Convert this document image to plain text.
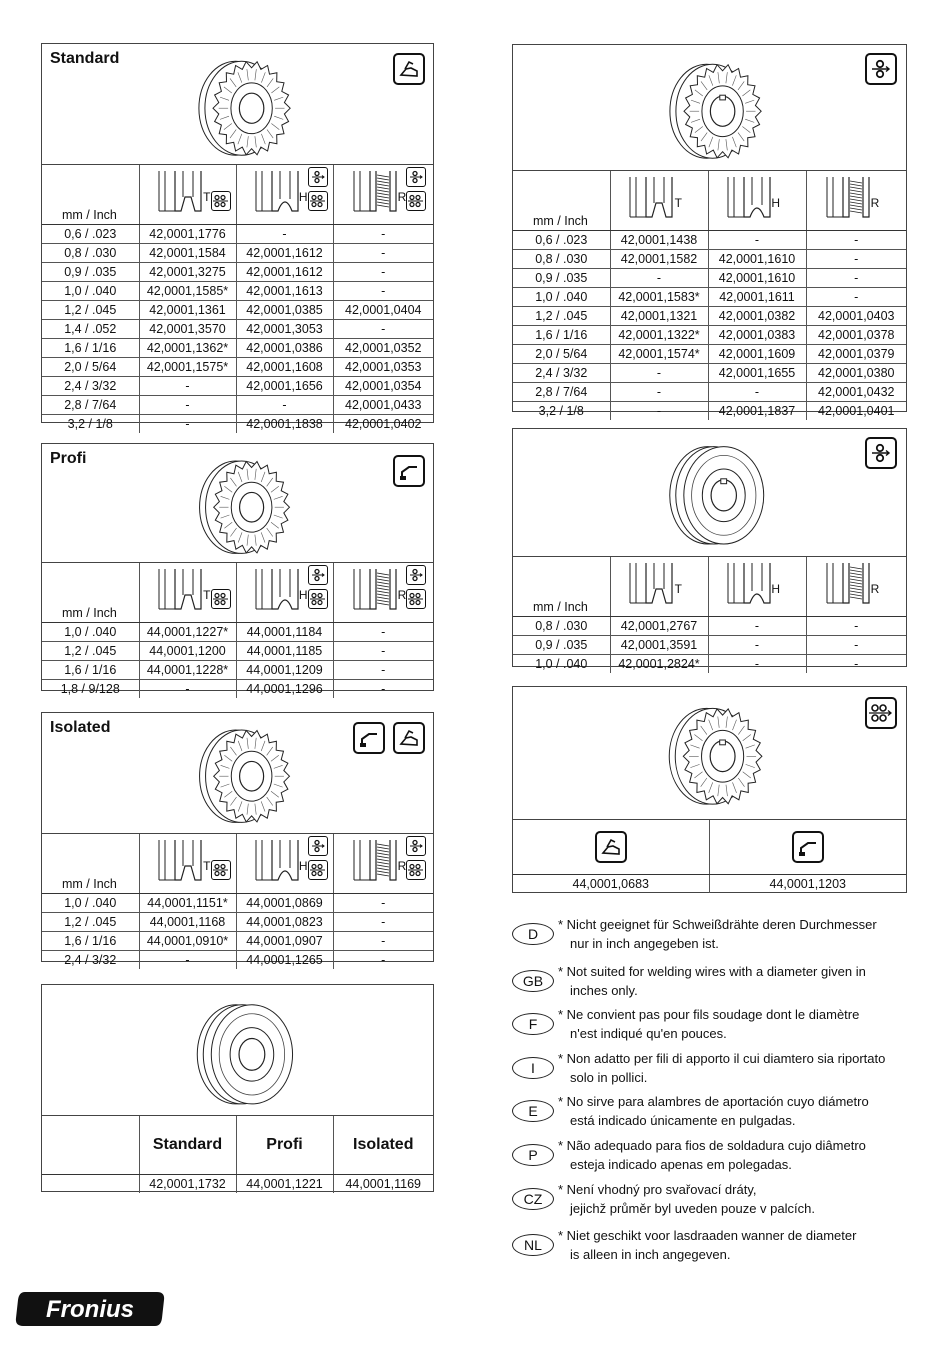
Standard
mm / Inch	T	H	R

0,6 / .023	42,0001,1776	-	-
0,8 / .030	42,0001,1584	42,0001,1612	-
0,9 / .035	42,0001,3275	42,0001,1612	-
1,0 / .040	42,0001,1585*	42,0001,1613	-
1,2 / .045	42,0001,1361	42,0001,0385	42,0001,0404
1,4 / .052	42,0001,3570	42,0001,3053	-
1,6 / 1/16	42,0001,1362*	42,0001,0386	42,0001,0352
2,0 / 5/64	42,0001,1575*	42,0001,1608	42,0001,0353
2,4 / 3/32	-	42,0001,1656	42,0001,0354
2,8 / 7/64	-	-	42,0001,0433
3,2 / 1/8	-	42,0001,1838	42,0001,0402
Profi
mm / Inch	T	H	R

1,0 / .040	44,0001,1227*	44,0001,1184	-
1,2 / .045	44,0001,1200	44,0001,1185	-
1,6 / 1/16	44,0001,1228*	44,0001,1209	-
1,8 / 9/128	-	44,0001,1296	-
Isolated
mm / Inch	T	H	R

1,0 / .040	44,0001,1151*	44,0001,0869	-
1,2 / .045	44,0001,1168	44,0001,0823	-
1,6 / 1/16	44,0001,0910*	44,0001,0907	-
2,4 / 3/32	-	44,0001,1265	-
	Standard	Profi	Isolated
	42,0001,1732	44,0001,1221	44,0001,1169
mm / Inch	T	H	R

0,6 / .023	42,0001,1438	-	-
0,8 / .030	42,0001,1582	42,0001,1610	-
0,9 / .035	-	42,0001,1610	-
1,0 / .040	42,0001,1583*	42,0001,1611	-
1,2 / .045	42,0001,1321	42,0001,0382	42,0001,0403
1,6 / 1/16	42,0001,1322*	42,0001,0383	42,0001,0378
2,0 / 5/64	42,0001,1574*	42,0001,1609	42,0001,0379
2,4 / 3/32	-	42,0001,1655	42,0001,0380
2,8 / 7/64	-	-	42,0001,0432
3,2 / 1/8	-	42,0001,1837	42,0001,0401
mm / Inch	T	H	R

0,8 / .030	42,0001,2767	-	-
0,9 / .035	42,0001,3591	-	-
1,0 / .040	42,0001,2824*	-	-

44,0001,0683	44,0001,1203
D
* Nicht geeignet für Schweißdrähte deren Durchmesser
nur in inch angegeben ist.
GB
* Not suited for welding wires with a diameter given in
inches only.
F
* Ne convient pas pour fils soudage dont le diamètre
n'est indiqué qu'en pouces.
I
* Non adatto per fili di apporto il cui diamtero sia riportato
solo in pollici.
E
* No sirve para alambres de aportación cuyo diámetro
está indicado únicamente en pulgadas.
P
* Não adequado para fios de soldadura cujo diâmetro
esteja indicado apenas em polegadas.
CZ
* Není vhodný pro svařovací dráty,
jejichž průměr byl uveden pouze v palcích.
NL
* Niet geschikt voor lasdraaden wanner de diameter
is alleen in inch angegeven.
Fronius
